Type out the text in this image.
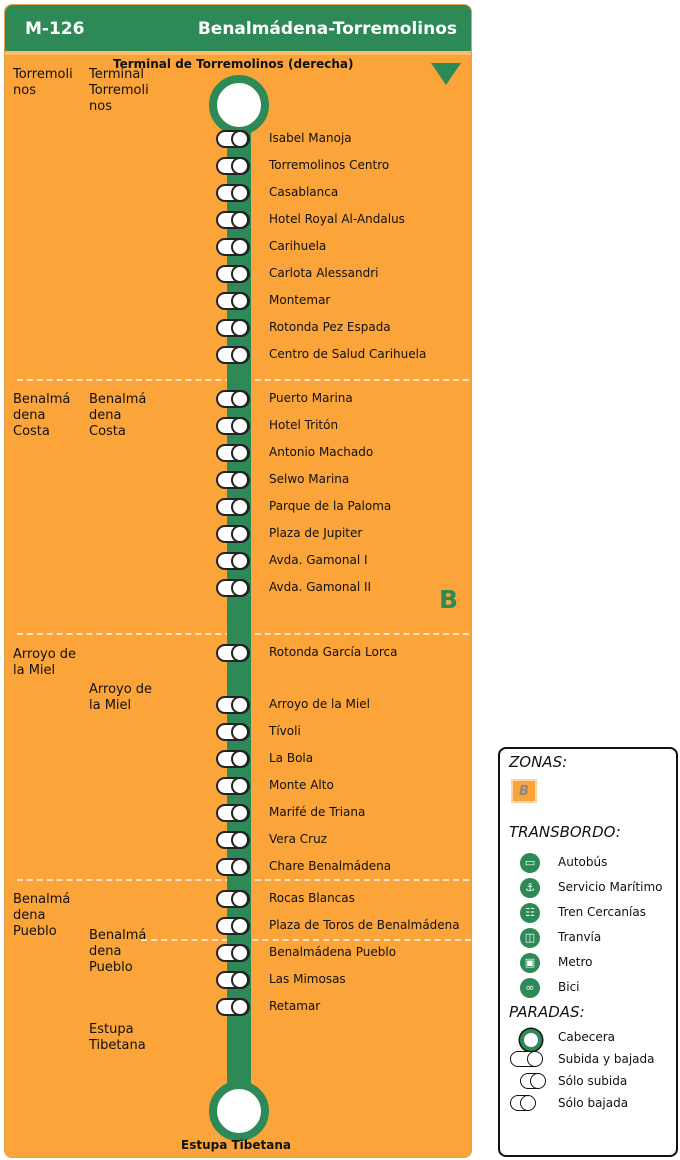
M-126	Benalmádena-Torremolinos
Torremoli
nos
Benalmá
dena
Costa
Arroyo de
la Miel
Benalmá
dena
Pueblo
Terminal
Torremoli
nos
Benalmá
dena
Costa
Arroyo de
la Miel
Benalmá
dena
Pueblo
Estupa
Tibetana
B
Terminal de Torremolinos (derecha)
Estupa Tibetana
Isabel Manoja
Torremolinos Centro
Casablanca
Hotel Royal Al-Andalus
Carihuela
Carlota Alessandri
Montemar
Rotonda Pez Espada
Centro de Salud Carihuela
Puerto Marina
Hotel Tritón
Antonio Machado
Selwo Marina
Parque de la Paloma
Plaza de Jupiter
Avda. Gamonal I
Avda. Gamonal II
Rotonda García Lorca
Arroyo de la Miel
Tívoli
La Bola
Monte Alto
Marifé de Triana
Vera Cruz
Chare Benalmádena
Rocas Blancas
Plaza de Toros de Benalmádena
Benalmádena Pueblo
Las Mimosas
Retamar
ZONAS:
B
TRANSBORDO:
▭	Autobús
⚓	Servicio Marítimo
☷	Tren Cercanías
◫	Tranvía
▣	Metro
∞	Bici
PARADAS:
Cabecera
Subida y bajada
Sólo subida
Sólo bajada
